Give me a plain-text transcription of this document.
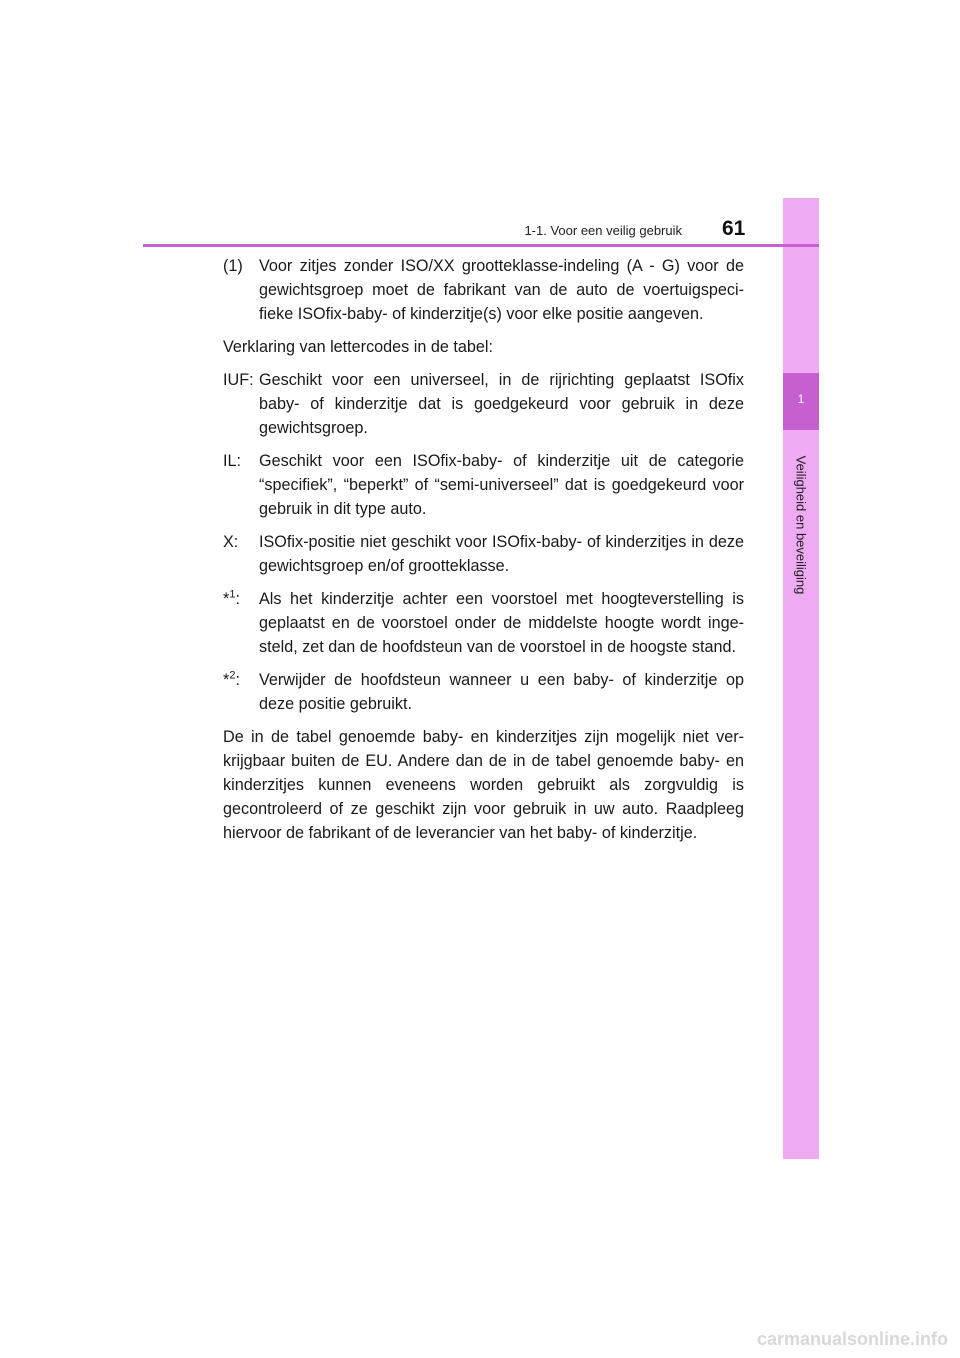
1
Veiligheid en beveiliging
1-1. Voor een veilig gebruik 61
(1)	Voor zitjes zonder ISO/XX grootteklasse-indeling (A - G) voor de gewichtsgroep moet de fabrikant van de auto de voertuigspeci-fieke ISOfix-baby- of kinderzitje(s) voor elke positie aangeven.
Verklaring van lettercodes in de tabel:
IUF: Geschikt voor een universeel, in de rijrichting geplaatst ISOfix baby- of kinderzitje dat is goedgekeurd voor gebruik in deze gewichtsgroep.
IL:	Geschikt voor een ISOfix-baby- of kinderzitje uit de categorie “specifiek”, “beperkt” of “semi-universeel” dat is goedgekeurd voor gebruik in dit type auto.
X:	ISOfix-positie niet geschikt voor ISOfix-baby- of kinderzitjes in deze gewichtsgroep en/of grootteklasse.
*$^1$:	Als het kinderzitje achter een voorstoel met hoogteverstelling is geplaatst en de voorstoel onder de middelste hoogte wordt inge-steld, zet dan de hoofdsteun van de voorstoel in de hoogste stand.
*$^2$:	Verwijder de hoofdsteun wanneer u een baby- of kinderzitje op deze positie gebruikt.
De in de tabel genoemde baby- en kinderzitjes zijn mogelijk niet ver-krijgbaar buiten de EU. Andere dan de in de tabel genoemde baby- en kinderzitjes kunnen eveneens worden gebruikt als zorgvuldig is gecontroleerd of ze geschikt zijn voor gebruik in uw auto. Raadpleeg hiervoor de fabrikant of de leverancier van het baby- of kinderzitje.
carmanualsonline.info
